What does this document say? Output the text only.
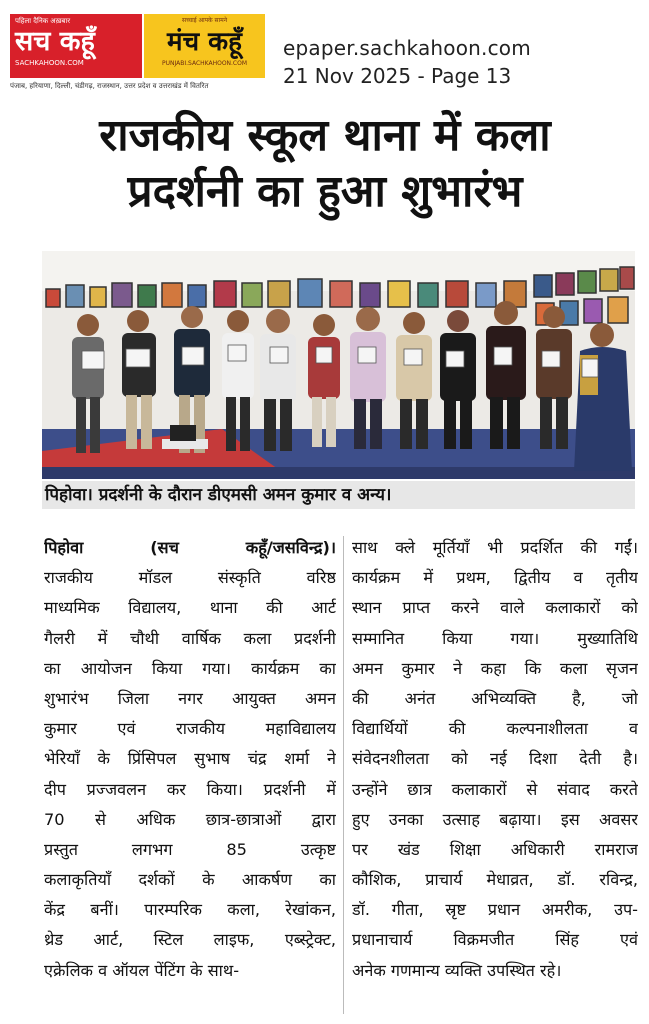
पहिला दैनिक अख़बार
सच कहूँ
SACHKAHOON.COM
सच्चाई आपके सामने
मंच कहूँ
PUNJABI.SACHKAHOON.COM
पंजाब, हरियाणा, दिल्ली, चंडीगढ़, राजस्थान, उत्तर प्रदेश व उत्तराखंड में वितरित
epaper.sachkahoon.com
21 Nov 2025 - Page 13
राजकीय स्कूल थाना में कला
प्रदर्शनी का हुआ शुभारंभ
पिहोवा। प्रदर्शनी के दौरान डीएमसी अमन कुमार व अन्य।
पिहोवा (सच कहूँ/जसविन्द्र)।
राजकीय मॉडल संस्कृति वरिष्ठ
माध्यमिक विद्यालय, थाना की आर्ट
गैलरी में चौथी वार्षिक कला प्रदर्शनी
का आयोजन किया गया। कार्यक्रम का
शुभारंभ जिला नगर आयुक्त अमन
कुमार एवं राजकीय महाविद्यालय
भेरियाँ के प्रिंसिपल सुभाष चंद्र शर्मा ने
दीप प्रज्जवलन कर किया। प्रदर्शनी में
70 से अधिक छात्र-छात्राओं द्वारा
प्रस्तुत लगभग 85 उत्कृष्ट
कलाकृतियाँ दर्शकों के आकर्षण का
केंद्र बनीं। पारम्परिक कला, रेखांकन,
थ्रेड आर्ट, स्टिल लाइफ, एब्स्ट्रेक्ट,
एक्रेलिक व ऑयल पेंटिंग के साथ-
साथ क्ले मूर्तियाँ भी प्रदर्शित की गईं।
कार्यक्रम में प्रथम, द्वितीय व तृतीय
स्थान प्राप्त करने वाले कलाकारों को
सम्मानित किया गया। मुख्यातिथि
अमन कुमार ने कहा कि कला सृजन
की अनंत अभिव्यक्ति है, जो
विद्यार्थियों की कल्पनाशीलता व
संवेदनशीलता को नई दिशा देती है।
उन्होंने छात्र कलाकारों से संवाद करते
हुए उनका उत्साह बढ़ाया। इस अवसर
पर खंड शिक्षा अधिकारी रामराज
कौशिक, प्राचार्य मेधाव्रत, डॉ. रविन्द्र,
डॉ. गीता, स्रृष्ट प्रधान अमरीक, उप-
प्रधानाचार्य विक्रमजीत सिंह एवं
अनेक गणमान्य व्यक्ति उपस्थित रहे।
